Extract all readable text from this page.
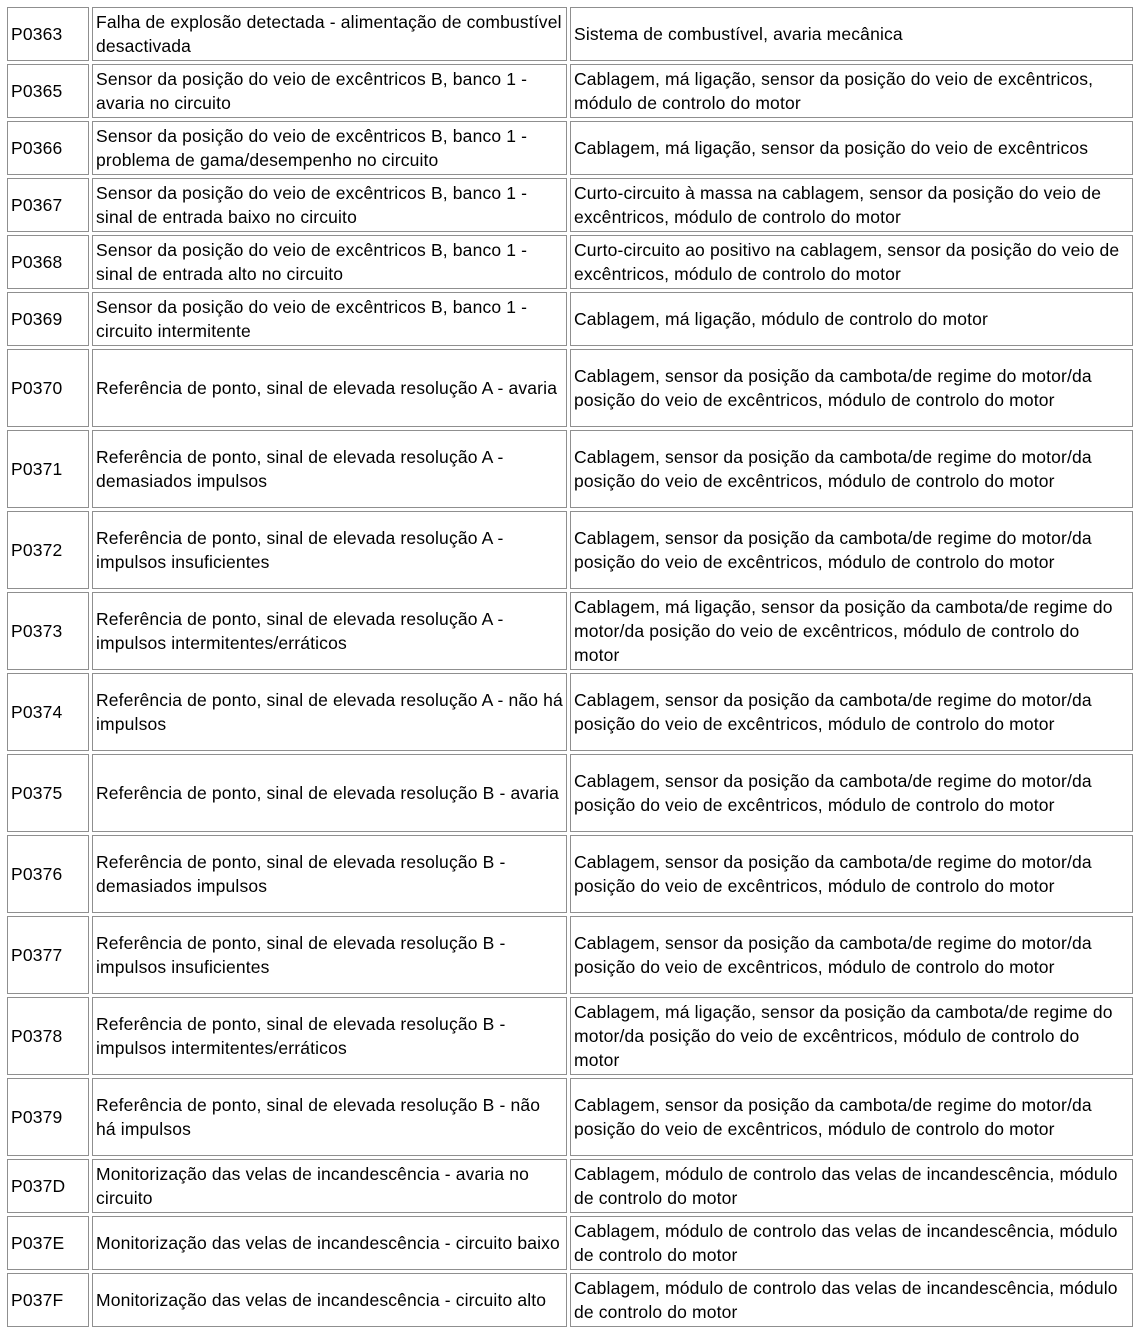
P0363	Falha de explosão detectada - alimentação de combustível desactivada	Sistema de combustível, avaria mecânica
P0365	Sensor da posição do veio de excêntricos B, banco 1 - avaria no circuito	Cablagem, má ligação, sensor da posição do veio de excêntricos, módulo de controlo do motor
P0366	Sensor da posição do veio de excêntricos B, banco 1 - problema de gama/desempenho no circuito	Cablagem, má ligação, sensor da posição do veio de excêntricos
P0367	Sensor da posição do veio de excêntricos B, banco 1 - sinal de entrada baixo no circuito	Curto-circuito à massa na cablagem, sensor da posição do veio de excêntricos, módulo de controlo do motor
P0368	Sensor da posição do veio de excêntricos B, banco 1 - sinal de entrada alto no circuito	Curto-circuito ao positivo na cablagem, sensor da posição do veio de excêntricos, módulo de controlo do motor
P0369	Sensor da posição do veio de excêntricos B, banco 1 - circuito intermitente	Cablagem, má ligação, módulo de controlo do motor
P0370	Referência de ponto, sinal de elevada resolução A - avaria	Cablagem, sensor da posição da cambota/de regime do motor/da posição do veio de excêntricos, módulo de controlo do motor
P0371	Referência de ponto, sinal de elevada resolução A - demasiados impulsos	Cablagem, sensor da posição da cambota/de regime do motor/da posição do veio de excêntricos, módulo de controlo do motor
P0372	Referência de ponto, sinal de elevada resolução A - impulsos insuficientes	Cablagem, sensor da posição da cambota/de regime do motor/da posição do veio de excêntricos, módulo de controlo do motor
P0373	Referência de ponto, sinal de elevada resolução A - impulsos intermitentes/erráticos	Cablagem, má ligação, sensor da posição da cambota/de regime do motor/da posição do veio de excêntricos, módulo de controlo do motor
P0374	Referência de ponto, sinal de elevada resolução A - não há impulsos	Cablagem, sensor da posição da cambota/de regime do motor/da posição do veio de excêntricos, módulo de controlo do motor
P0375	Referência de ponto, sinal de elevada resolução B - avaria	Cablagem, sensor da posição da cambota/de regime do motor/da posição do veio de excêntricos, módulo de controlo do motor
P0376	Referência de ponto, sinal de elevada resolução B - demasiados impulsos	Cablagem, sensor da posição da cambota/de regime do motor/da posição do veio de excêntricos, módulo de controlo do motor
P0377	Referência de ponto, sinal de elevada resolução B - impulsos insuficientes	Cablagem, sensor da posição da cambota/de regime do motor/da posição do veio de excêntricos, módulo de controlo do motor
P0378	Referência de ponto, sinal de elevada resolução B - impulsos intermitentes/erráticos	Cablagem, má ligação, sensor da posição da cambota/de regime do motor/da posição do veio de excêntricos, módulo de controlo do motor
P0379	Referência de ponto, sinal de elevada resolução B - não há impulsos	Cablagem, sensor da posição da cambota/de regime do motor/da posição do veio de excêntricos, módulo de controlo do motor
P037D	Monitorização das velas de incandescência - avaria no circuito	Cablagem, módulo de controlo das velas de incandescência, módulo de controlo do motor
P037E	Monitorização das velas de incandescência - circuito baixo	Cablagem, módulo de controlo das velas de incandescência, módulo de controlo do motor
P037F	Monitorização das velas de incandescência - circuito alto	Cablagem, módulo de controlo das velas de incandescência, módulo de controlo do motor
